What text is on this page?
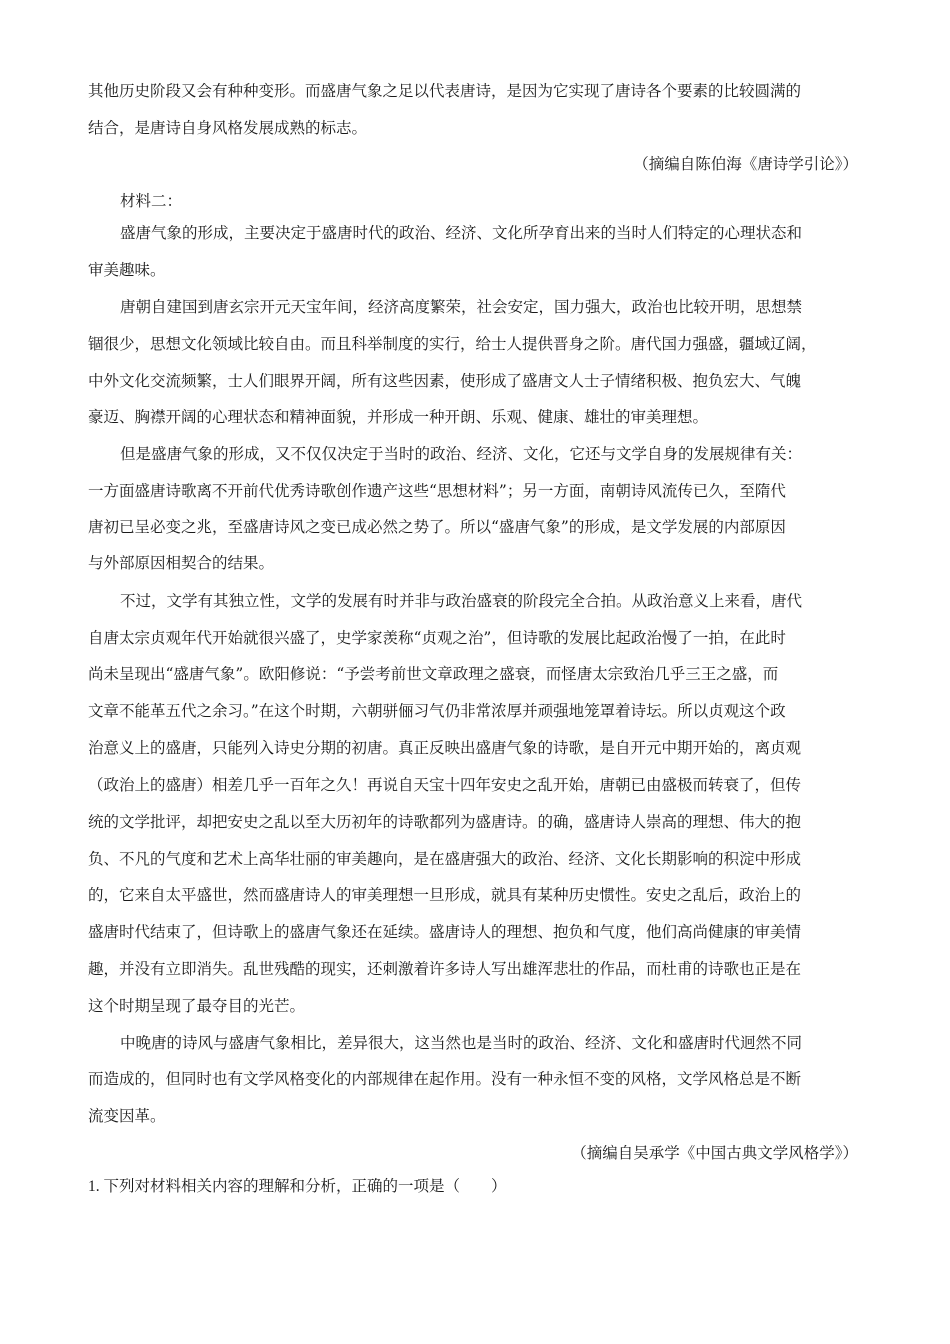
其他历史阶段又会有种种变形。而盛唐气象之足以代表唐诗，是因为它实现了唐诗各个要素的比较圆满的
结合，是唐诗自身风格发展成熟的标志。
（摘编自陈伯海《唐诗学引论》）
材料二：
盛唐气象的形成，主要决定于盛唐时代的政治、经济、文化所孕育出来的当时人们特定的心理状态和
审美趣味。
唐朝自建国到唐玄宗开元天宝年间，经济高度繁荣，社会安定，国力强大，政治也比较开明，思想禁
锢很少，思想文化领域比较自由。而且科举制度的实行，给士人提供晋身之阶。唐代国力强盛，疆域辽阔，
中外文化交流频繁，士人们眼界开阔，所有这些因素，使形成了盛唐文人士子情绪积极、抱负宏大、气魄
豪迈、胸襟开阔的心理状态和精神面貌，并形成一种开朗、乐观、健康、雄壮的审美理想。
但是盛唐气象的形成，又不仅仅决定于当时的政治、经济、文化，它还与文学自身的发展规律有关：
一方面盛唐诗歌离不开前代优秀诗歌创作遗产这些“思想材料”；另一方面，南朝诗风流传已久，至隋代
唐初已呈必变之兆，至盛唐诗风之变已成必然之势了。所以“盛唐气象”的形成，是文学发展的内部原因
与外部原因相契合的结果。
不过，文学有其独立性，文学的发展有时并非与政治盛衰的阶段完全合拍。从政治意义上来看，唐代
自唐太宗贞观年代开始就很兴盛了，史学家羡称“贞观之治”，但诗歌的发展比起政治慢了一拍，在此时
尚未呈现出“盛唐气象”。欧阳修说：“予尝考前世文章政理之盛衰，而怪唐太宗致治几乎三王之盛，而
文章不能革五代之余习。”在这个时期，六朝骈俪习气仍非常浓厚并顽强地笼罩着诗坛。所以贞观这个政
治意义上的盛唐，只能列入诗史分期的初唐。真正反映出盛唐气象的诗歌，是自开元中期开始的，离贞观
（政治上的盛唐）相差几乎一百年之久！再说自天宝十四年安史之乱开始，唐朝已由盛极而转衰了，但传
统的文学批评，却把安史之乱以至大历初年的诗歌都列为盛唐诗。的确，盛唐诗人崇高的理想、伟大的抱
负、不凡的气度和艺术上高华壮丽的审美趣向，是在盛唐强大的政治、经济、文化长期影响的积淀中形成
的，它来自太平盛世，然而盛唐诗人的审美理想一旦形成，就具有某种历史惯性。安史之乱后，政治上的
盛唐时代结束了，但诗歌上的盛唐气象还在延续。盛唐诗人的理想、抱负和气度，他们高尚健康的审美情
趣，并没有立即消失。乱世残酷的现实，还刺激着许多诗人写出雄浑悲壮的作品，而杜甫的诗歌也正是在
这个时期呈现了最夺目的光芒。
中晚唐的诗风与盛唐气象相比，差异很大，这当然也是当时的政治、经济、文化和盛唐时代迥然不同
而造成的，但同时也有文学风格变化的内部规律在起作用。没有一种永恒不变的风格，文学风格总是不断
流变因革。
（摘编自吴承学《中国古典文学风格学》）
1. 下列对材料相关内容的理解和分析，正确的一项是（　　）
